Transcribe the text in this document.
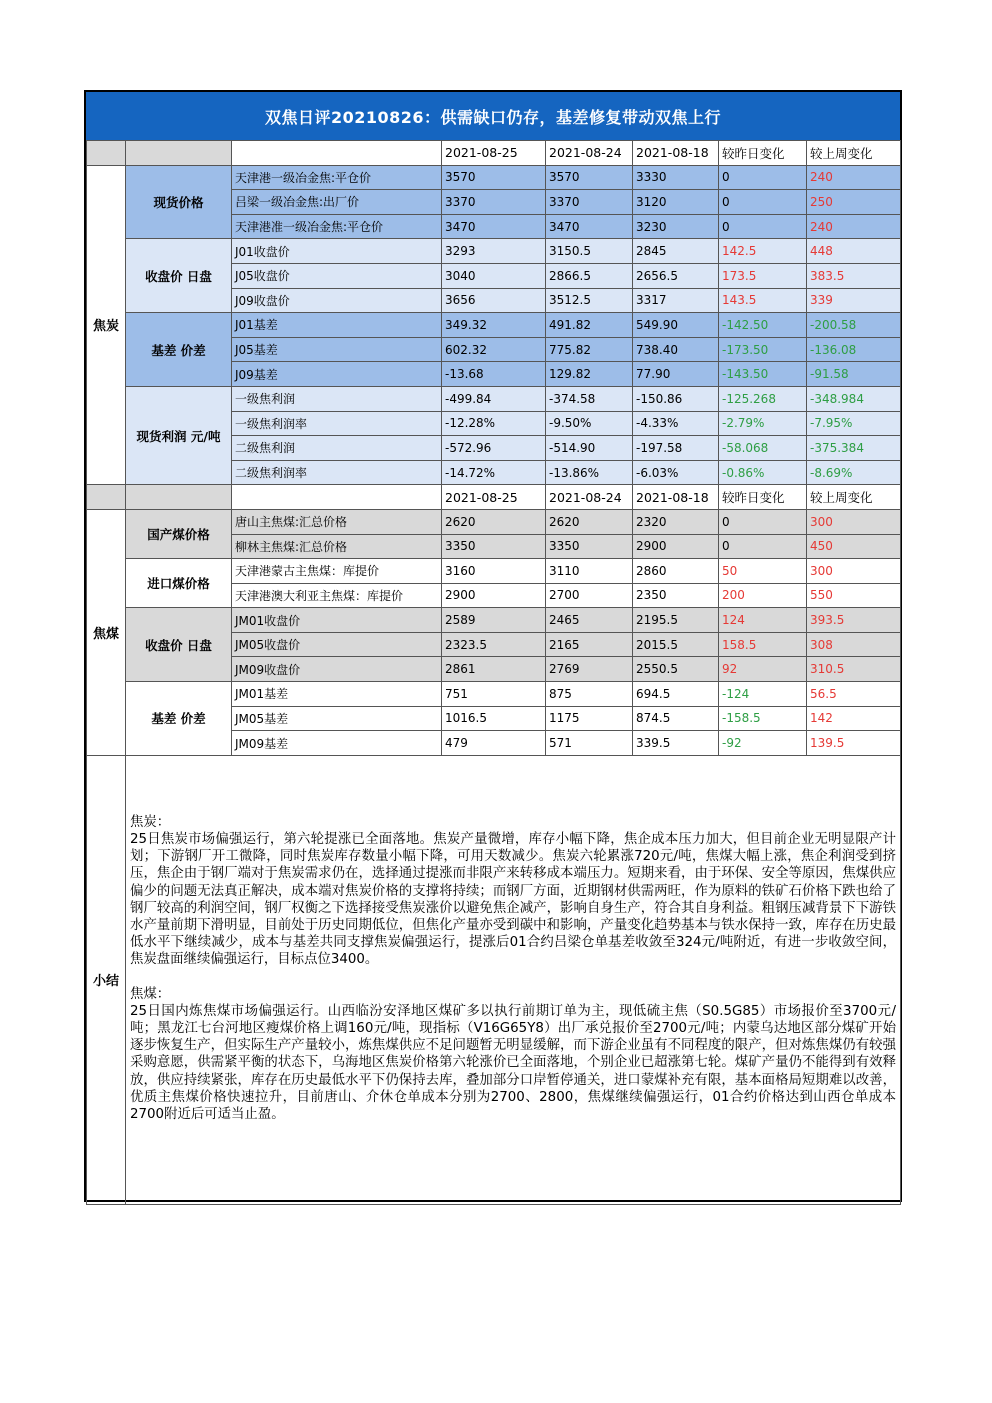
双焦日评20210826：供需缺口仍存，基差修复带动双焦上行
			2021-08-25	2021-08-24	2021-08-18	较昨日变化	较上周变化
焦炭	现货价格	天津港一级冶金焦:平仓价	3570	3570	3330	0	240
		吕梁一级冶金焦:出厂价	3370	3370	3120	0	250
		天津港准一级冶金焦:平仓价	3470	3470	3230	0	240
	收盘价 日盘	J01收盘价	3293	3150.5	2845	142.5	448
		J05收盘价	3040	2866.5	2656.5	173.5	383.5
		J09收盘价	3656	3512.5	3317	143.5	339
	基差 价差	J01基差	349.32	491.82	549.90	-142.50	-200.58
		J05基差	602.32	775.82	738.40	-173.50	-136.08
		J09基差	-13.68	129.82	77.90	-143.50	-91.58
	现货利润 元/吨	一级焦利润	-499.84	-374.58	-150.86	-125.268	-348.984
		一级焦利润率	-12.28%	-9.50%	-4.33%	-2.79%	-7.95%
		二级焦利润	-572.96	-514.90	-197.58	-58.068	-375.384
		二级焦利润率	-14.72%	-13.86%	-6.03%	-0.86%	-8.69%
			2021-08-25	2021-08-24	2021-08-18	较昨日变化	较上周变化
焦煤	国产煤价格	唐山主焦煤:汇总价格	2620	2620	2320	0	300
		柳林主焦煤:汇总价格	3350	3350	2900	0	450
	进口煤价格	天津港蒙古主焦煤：库提价	3160	3110	2860	50	300
		天津港澳大利亚主焦煤：库提价	2900	2700	2350	200	550
	收盘价 日盘	JM01收盘价	2589	2465	2195.5	124	393.5
		JM05收盘价	2323.5	2165	2015.5	158.5	308
		JM09收盘价	2861	2769	2550.5	92	310.5
	基差 价差	JM01基差	751	875	694.5	-124	56.5
		JM05基差	1016.5	1175	874.5	-158.5	142
		JM09基差	479	571	339.5	-92	139.5
小结	焦炭：

25日焦炭市场偏强运行，第六轮提涨已全面落地。焦炭产量微增，库存小幅下降，焦企成本压力加大，但目前企业无明显限产计划；下游钢厂开工微降，同时焦炭库存数量小幅下降，可用天数减少。焦炭六轮累涨720元/吨，焦煤大幅上涨，焦企利润受到挤压，焦企由于钢厂端对于焦炭需求仍在，选择通过提涨而非限产来转移成本端压力。短期来看，由于环保、安全等原因，焦煤供应偏少的问题无法真正解决，成本端对焦炭价格的支撑将持续；而钢厂方面，近期钢材供需两旺，作为原料的铁矿石价格下跌也给了钢厂较高的利润空间，钢厂权衡之下选择接受焦炭涨价以避免焦企减产，影响自身生产，符合其自身利益。粗钢压减背景下下游铁水产量前期下滑明显，目前处于历史同期低位，但焦化产量亦受到碳中和影响，产量变化趋势基本与铁水保持一致，库存在历史最低水平下继续减少，成本与基差共同支撑焦炭偏强运行，提涨后01合约吕梁仓单基差收敛至324元/吨附近，有进一步收敛空间，焦炭盘面继续偏强运行，目标点位3400。

焦煤：

25日国内炼焦煤市场偏强运行。山西临汾安泽地区煤矿多以执行前期订单为主，现低硫主焦（S0.5G85）市场报价至3700元/吨；黑龙江七台河地区瘦煤价格上调160元/吨，现指标（V16G65Y8）出厂承兑报价至2700元/吨；内蒙乌达地区部分煤矿开始逐步恢复生产，但实际生产产量较小，炼焦煤供应不足问题暂无明显缓解，而下游企业虽有不同程度的限产，但对炼焦煤仍有较强采购意愿，供需紧平衡的状态下，乌海地区焦炭价格第六轮涨价已全面落地，个别企业已超涨第七轮。煤矿产量仍不能得到有效释放，供应持续紧张，库存在历史最低水平下仍保持去库，叠加部分口岸暂停通关，进口蒙煤补充有限，基本面格局短期难以改善，优质主焦煤价格快速拉升，目前唐山、介休仓单成本分别为2700、2800，焦煤继续偏强运行，01合约价格达到山西仓单成本2700附近后可适当止盈。						
